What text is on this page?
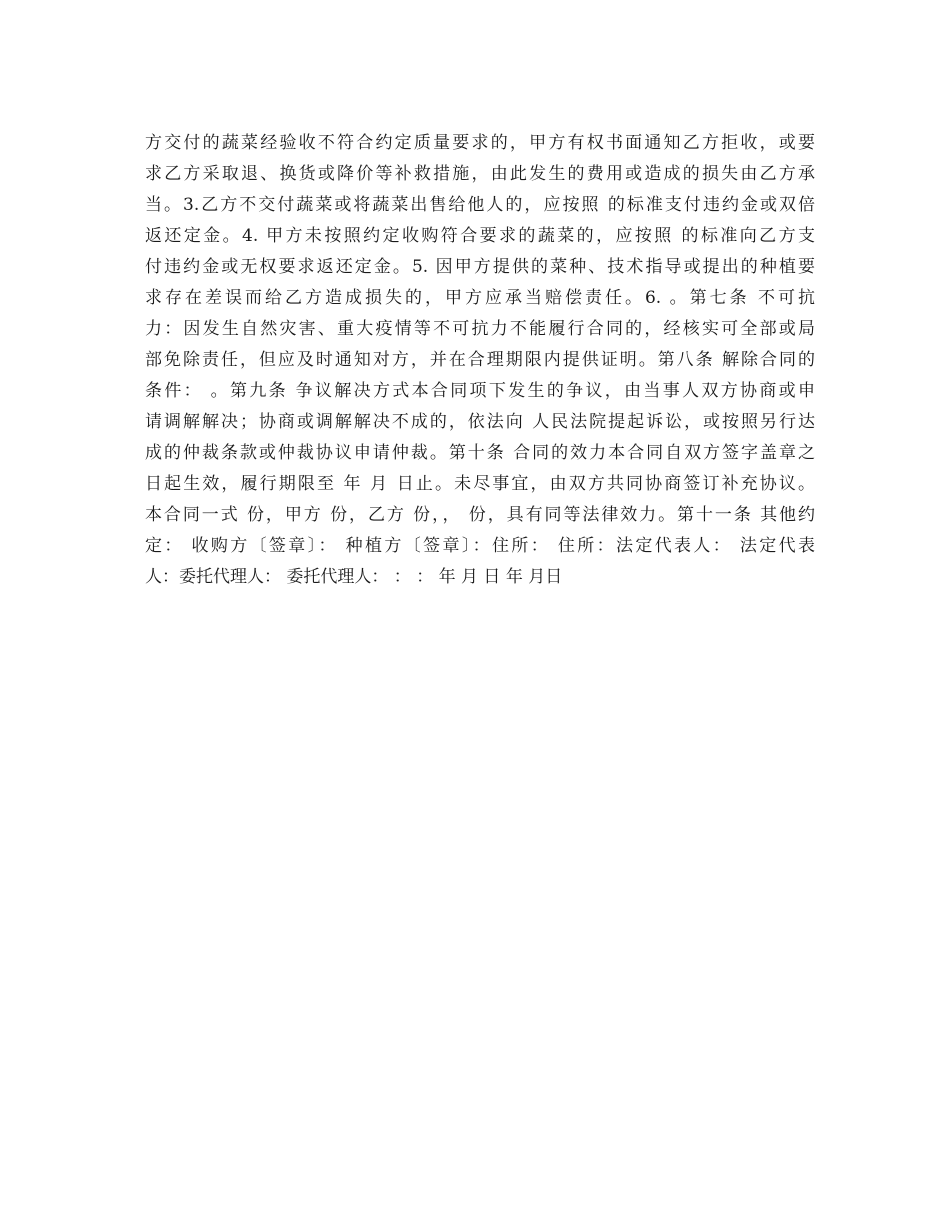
方交付的蔬菜经验收不符合约定质量要求的，甲方有权书面通知乙方拒收，或要
求乙方采取退、换货或降价等补救措施，由此发生的费用或造成的损失由乙方承
当。3.乙方不交付蔬菜或将蔬菜出售给他人的，应按照 的标准支付违约金或双倍
返还定金。4. 甲方未按照约定收购符合要求的蔬菜的，应按照 的标准向乙方支
付违约金或无权要求返还定金。5. 因甲方提供的菜种、技术指导或提出的种植要
求存在差误而给乙方造成损失的，甲方应承当赔偿责任。6. 。第七条 不可抗
力：因发生自然灾害、重大疫情等不可抗力不能履行合同的，经核实可全部或局
部免除责任，但应及时通知对方，并在合理期限内提供证明。第八条 解除合同的
条件： 。第九条 争议解决方式本合同项下发生的争议，由当事人双方协商或申
请调解解决；协商或调解解决不成的，依法向 人民法院提起诉讼，或按照另行达
成的仲裁条款或仲裁协议申请仲裁。第十条 合同的效力本合同自双方签字盖章之
日起生效，履行期限至 年 月 日止。未尽事宜，由双方共同协商签订补充协议。
本合同一式 份，甲方 份，乙方 份，， 份，具有同等法律效力。第十一条 其他约
定： 收购方〔签章〕： 种植方〔签章〕：住所： 住所：法定代表人： 法定代表
人：委托代理人： 委托代理人： ： ： 年 月 日 年 月日
